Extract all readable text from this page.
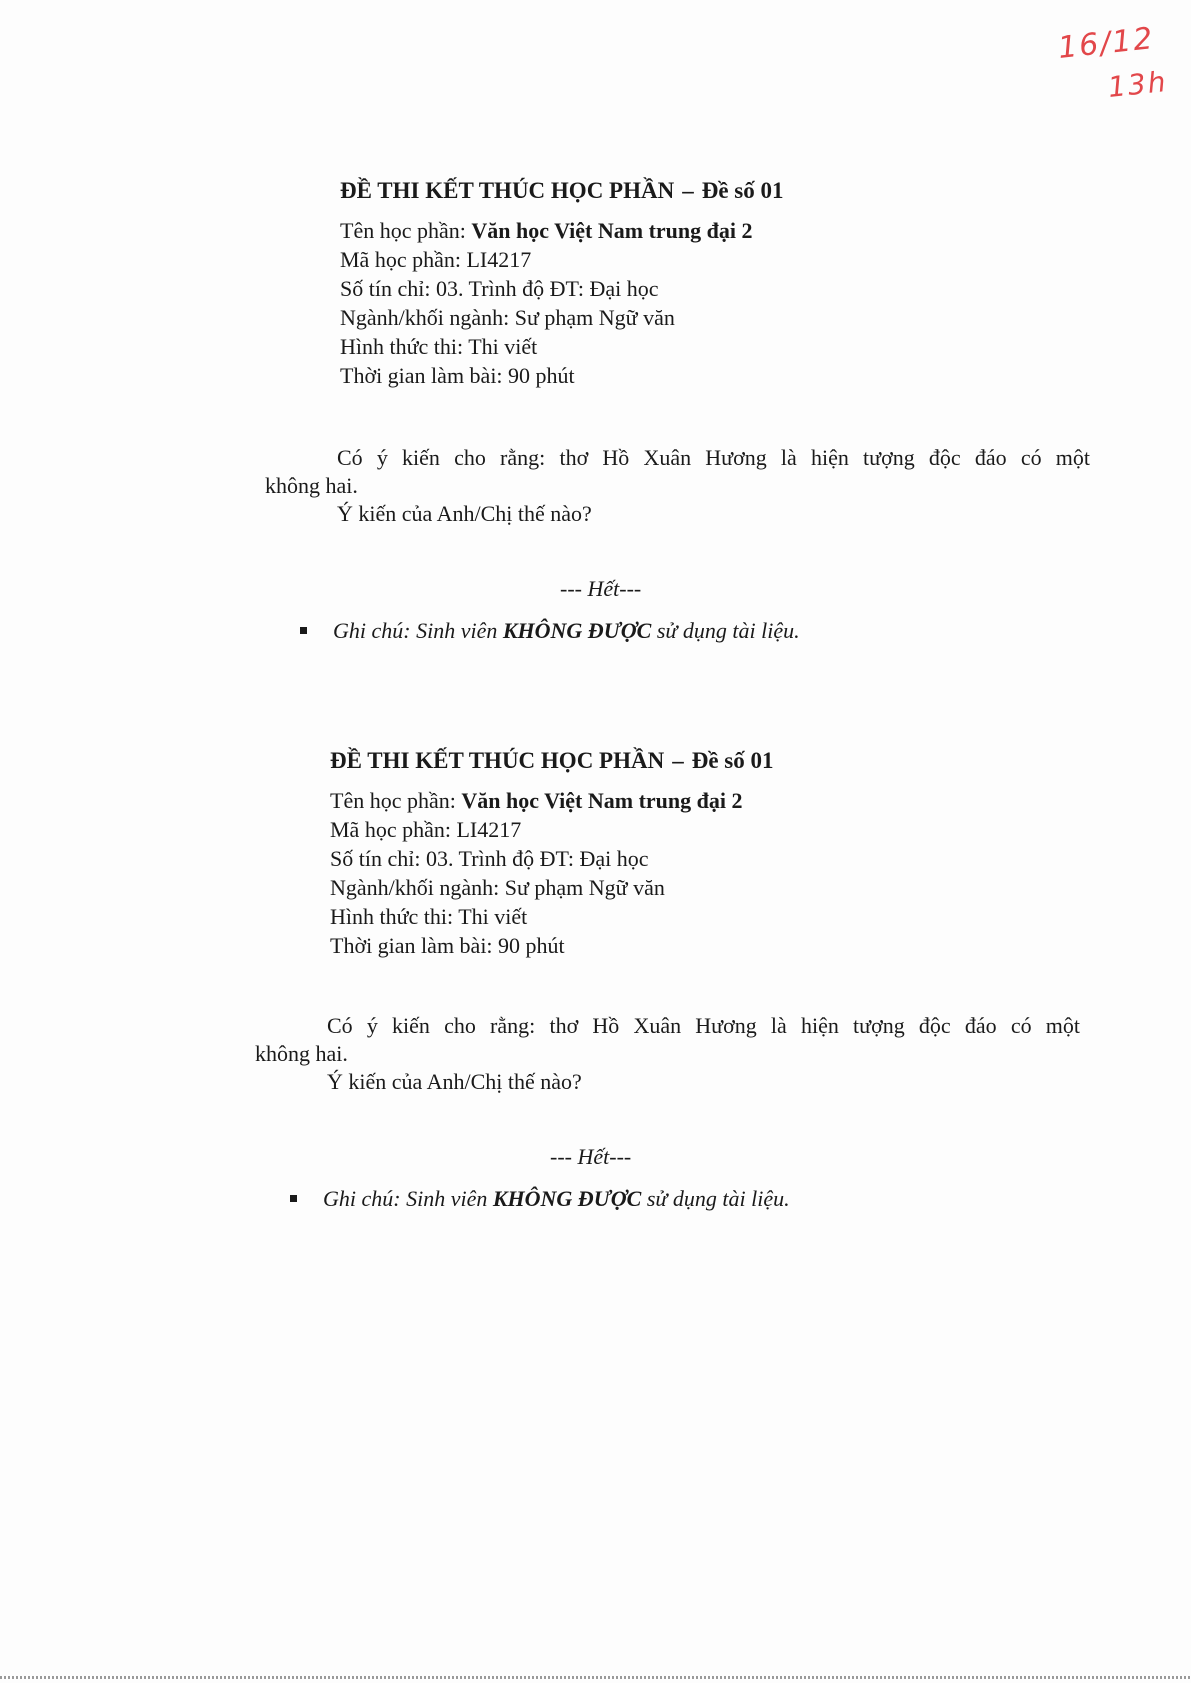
16/12
13h
ĐỀ THI KẾT THÚC HỌC PHẦN – Đề số 01
Tên học phần: Văn học Việt Nam trung đại 2
Mã học phần: LI4217
Số tín chỉ: 03. Trình độ ĐT: Đại học
Ngành/khối ngành: Sư phạm Ngữ văn
Hình thức thi: Thi viết
Thời gian làm bài: 90 phút
Có ý kiến cho rằng: thơ Hồ Xuân Hương là hiện tượng độc đáo có một
không hai.
Ý kiến của Anh/Chị thế nào?
--- Hết---
Ghi chú: Sinh viên KHÔNG ĐƯỢC sử dụng tài liệu.
ĐỀ THI KẾT THÚC HỌC PHẦN – Đề số 01
Tên học phần: Văn học Việt Nam trung đại 2
Mã học phần: LI4217
Số tín chỉ: 03. Trình độ ĐT: Đại học
Ngành/khối ngành: Sư phạm Ngữ văn
Hình thức thi: Thi viết
Thời gian làm bài: 90 phút
Có ý kiến cho rằng: thơ Hồ Xuân Hương là hiện tượng độc đáo có một
không hai.
Ý kiến của Anh/Chị thế nào?
--- Hết---
Ghi chú: Sinh viên KHÔNG ĐƯỢC sử dụng tài liệu.
